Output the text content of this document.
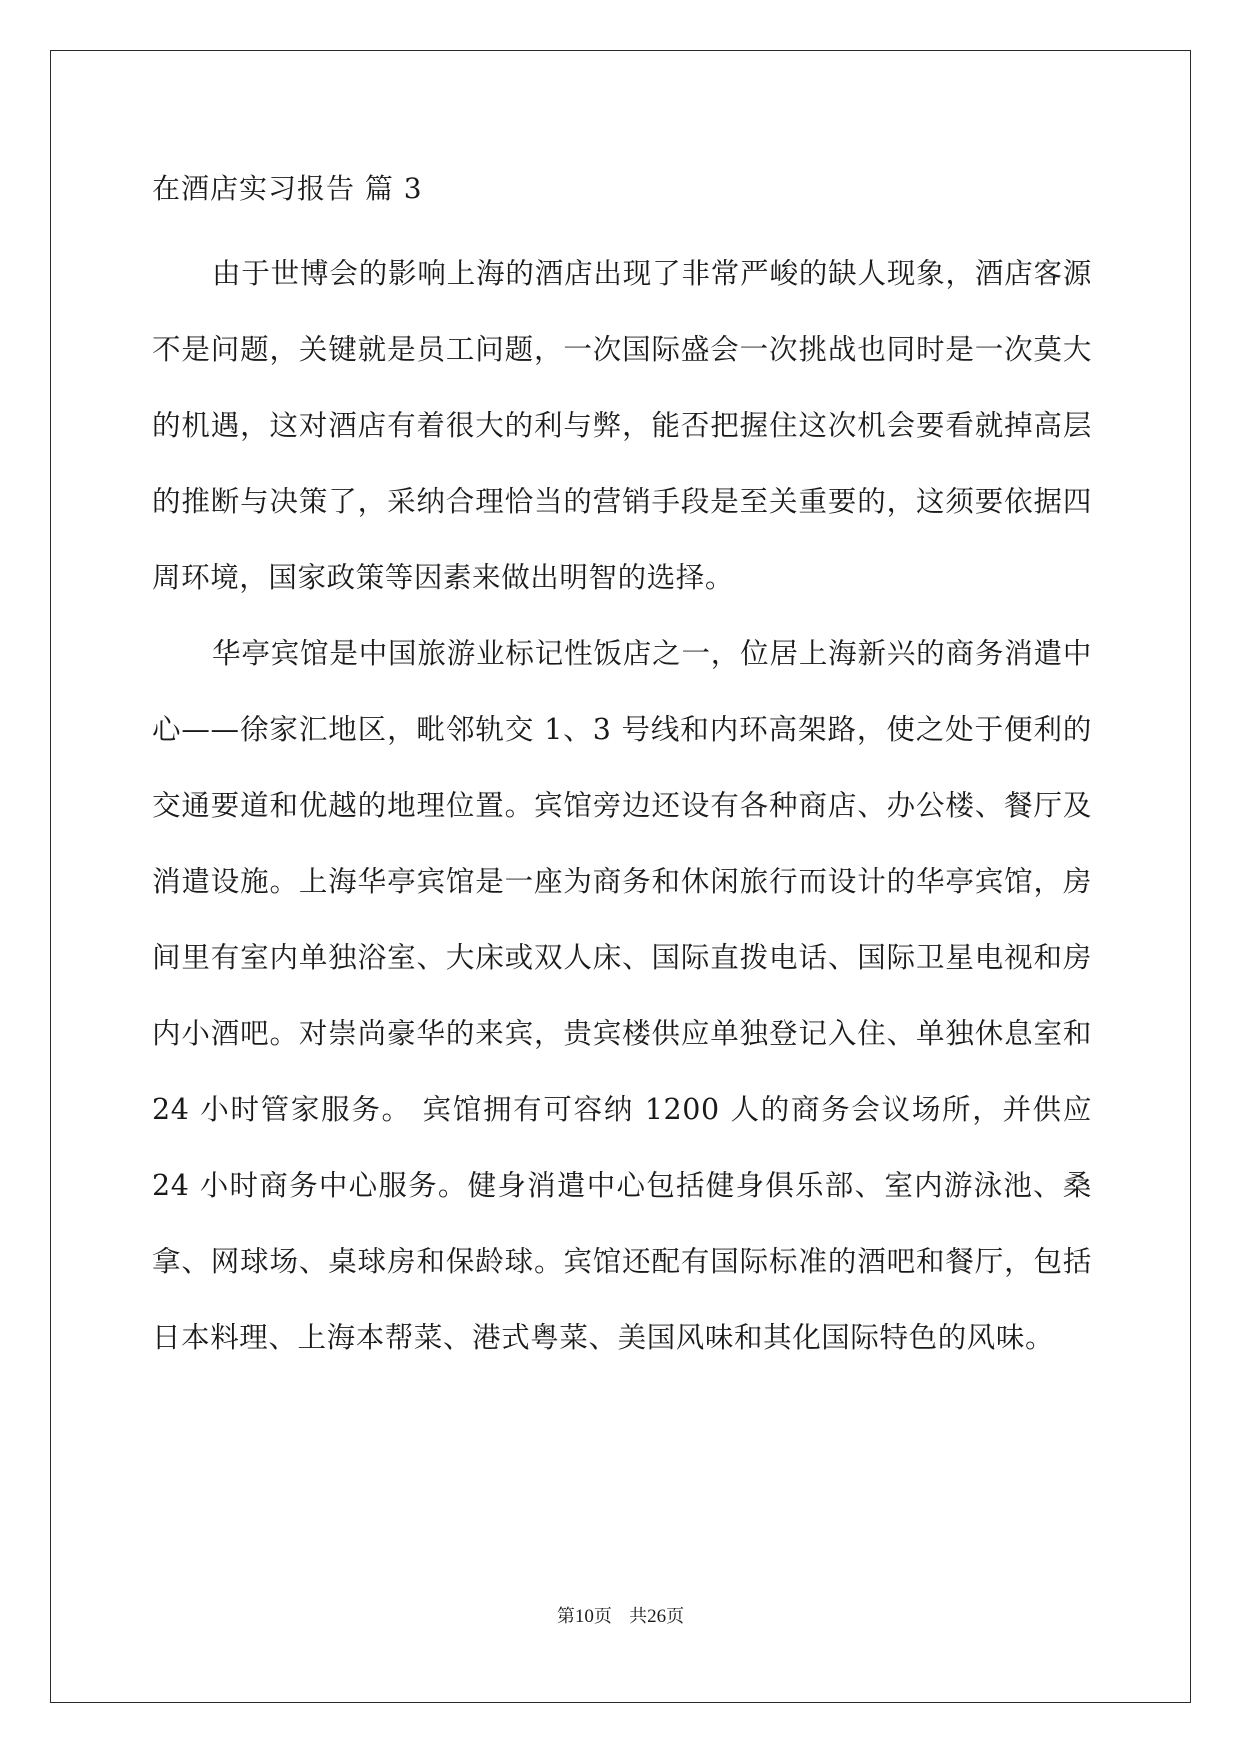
在酒店实习报告 篇 3

由于世博会的影响上海的酒店出现了非常严峻的缺人现象，酒店客源不是问题，关键就是员工问题，一次国际盛会一次挑战也同时是一次莫大的机遇，这对酒店有着很大的利与弊，能否把握住这次机会要看就掉高层的推断与决策了，采纳合理恰当的营销手段是至关重要的，这须要依据四周环境，国家政策等因素来做出明智的选择。

华亭宾馆是中国旅游业标记性饭店之一，位居上海新兴的商务消遣中心——徐家汇地区，毗邻轨交 1、3 号线和内环高架路，使之处于便利的交通要道和优越的地理位置。宾馆旁边还设有各种商店、办公楼、餐厅及消遣设施。上海华亭宾馆是一座为商务和休闲旅行而设计的华亭宾馆，房间里有室内单独浴室、大床或双人床、国际直拨电话、国际卫星电视和房内小酒吧。对崇尚豪华的来宾，贵宾楼供应单独登记入住、单独休息室和 24 小时管家服务。 宾馆拥有可容纳 1200 人的商务会议场所，并供应 24 小时商务中心服务。健身消遣中心包括健身俱乐部、室内游泳池、桑拿、网球场、桌球房和保龄球。宾馆还配有国际标准的酒吧和餐厅，包括日本料理、上海本帮菜、港式粤菜、美国风味和其化国际特色的风味。

第10页 共26页
